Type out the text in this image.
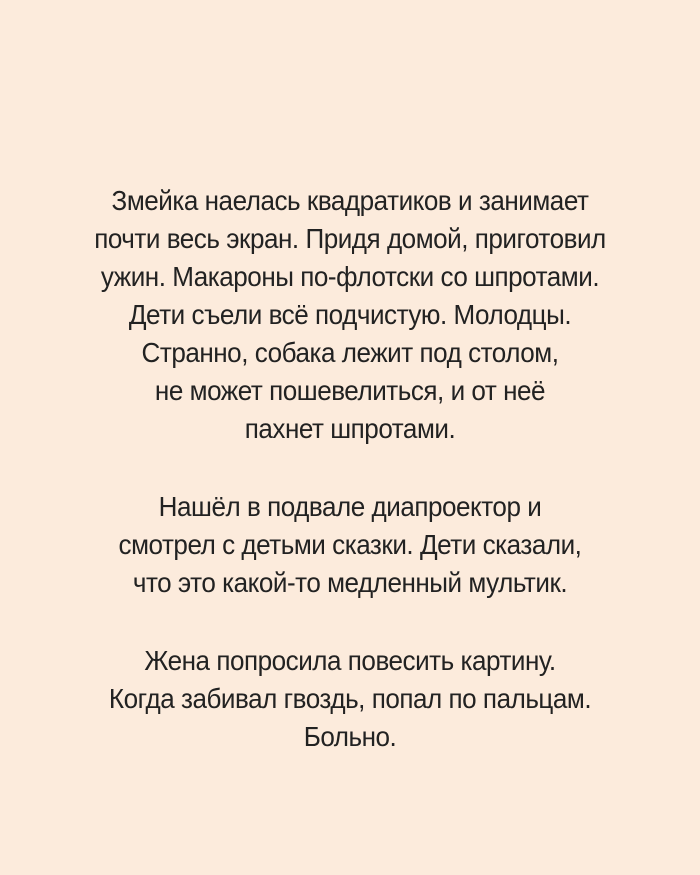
Змейка наелась квадратиков и занимает
почти весь экран. Придя домой, приготовил
ужин. Макароны по-флотски со шпротами.
Дети съели всё подчистую. Молодцы.
Странно, собака лежит под столом,
не может пошевелиться, и от неё
пахнет шпротами.
Нашёл в подвале диапроектор и
смотрел с детьми сказки. Дети сказали,
что это какой-то медленный мультик.
Жена попросила повесить картину.
Когда забивал гвоздь, попал по пальцам.
Больно.
